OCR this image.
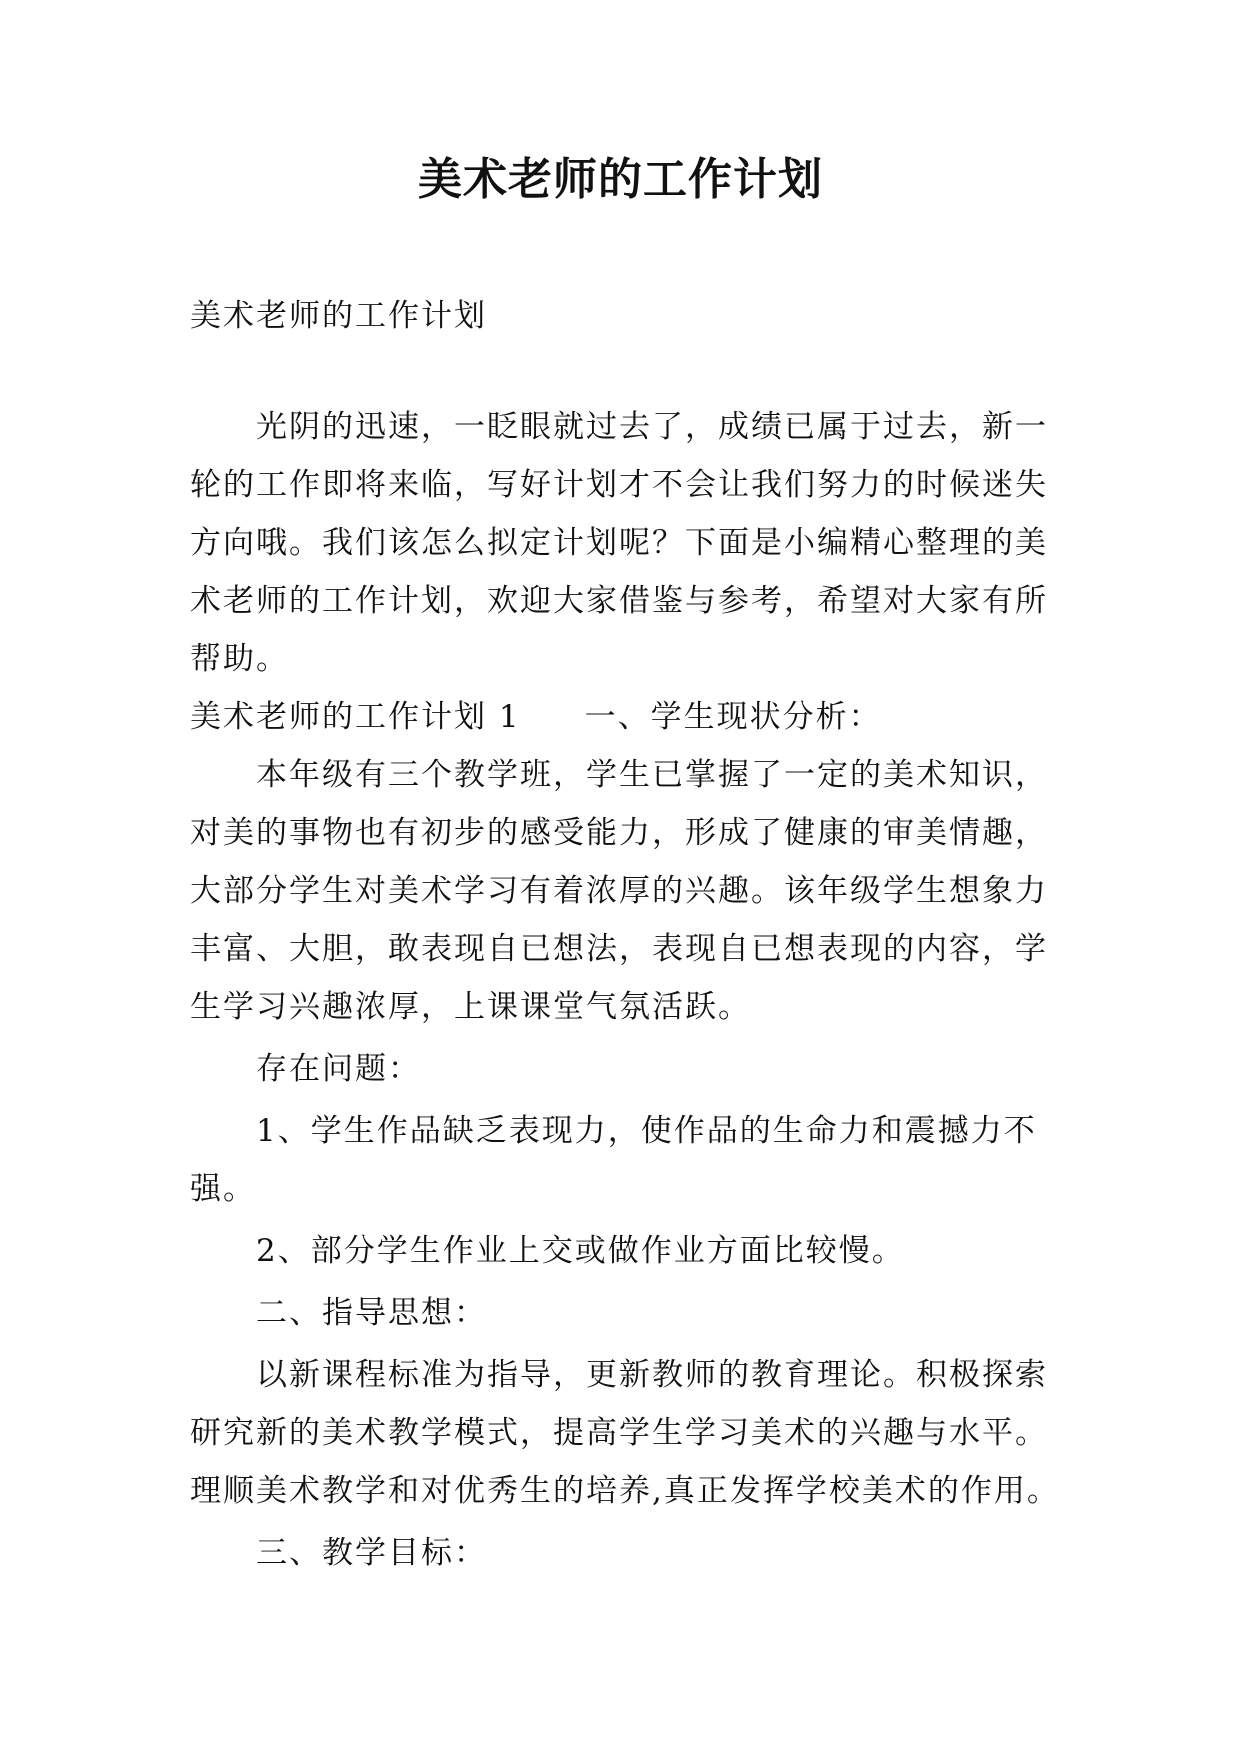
美术老师的工作计划

美术老师的工作计划

光阴的迅速，一眨眼就过去了，成绩已属于过去，新一轮的工作即将来临，写好计划才不会让我们努力的时候迷失方向哦。我们该怎么拟定计划呢？下面是小编精心整理的美术老师的工作计划，欢迎大家借鉴与参考，希望对大家有所帮助。

美术老师的工作计划 1 一、学生现状分析：

本年级有三个教学班，学生已掌握了一定的美术知识，对美的事物也有初步的感受能力，形成了健康的审美情趣，大部分学生对美术学习有着浓厚的兴趣。该年级学生想象力丰富、大胆，敢表现自已想法，表现自已想表现的内容，学生学习兴趣浓厚，上课课堂气氛活跃。

存在问题：

1、学生作品缺乏表现力，使作品的生命力和震撼力不强。

2、部分学生作业上交或做作业方面比较慢。

二、指导思想：

以新课程标准为指导，更新教师的教育理论。积极探索研究新的美术教学模式，提高学生学习美术的兴趣与水平。理顺美术教学和对优秀生的培养,真正发挥学校美术的作用。

三、教学目标：
